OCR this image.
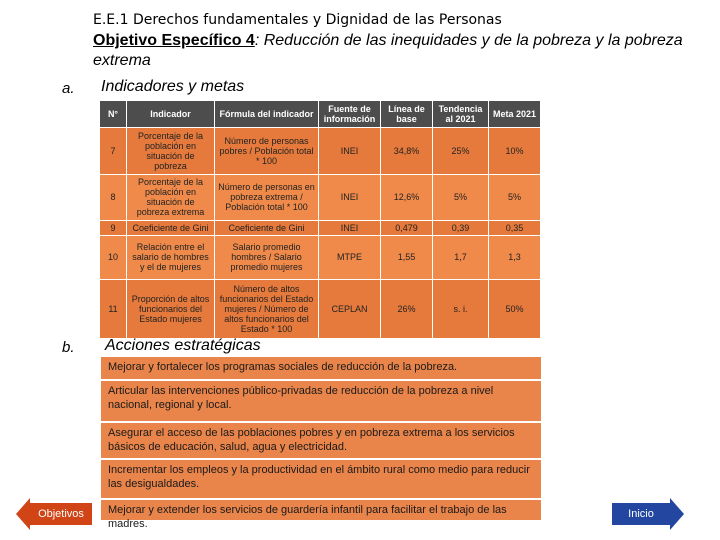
E.E.1 Derechos fundamentales y Dignidad de las Personas
Objetivo Específico 4: Reducción de las inequidades y de la pobreza y la pobreza extrema
a. Indicadores y metas
N°	Indicador	Fórmula del indicador	Fuente de información	Línea de base	Tendencia al 2021	Meta 2021
7	Porcentaje de la población en situación de pobreza	Número de personas pobres / Población total * 100	INEI	34,8%	25%	10%
8	Porcentaje de la población en situación de pobreza extrema	Número de personas en pobreza extrema / Población total * 100	INEI	12,6%	5%	5%
9	Coeficiente de Gini	Coeficiente de Gini	INEI	0,479	0,39	0,35
10	Relación entre el salario de hombres y el de mujeres	Salario promedio hombres / Salario promedio mujeres	MTPE	1,55	1,7	1,3
11	Proporción de altos funcionarios del Estado mujeres	Número de altos funcionarios del Estado mujeres / Número de altos funcionarios del Estado * 100	CEPLAN	26%	s. i.	50%
b. Acciones estratégicas
Mejorar y fortalecer los programas sociales de reducción de la pobreza.
Articular las intervenciones público-privadas de reducción de la pobreza a nivel nacional, regional y local.
Asegurar el acceso de las poblaciones pobres y en pobreza extrema a los servicios básicos de educación, salud, agua y electricidad.
Incrementar los empleos y la productividad en el ámbito rural como medio para reducir las desigualdades.
Mejorar y extender los servicios de guardería infantil para facilitar el trabajo de las madres.
Objetivos	Inicio
